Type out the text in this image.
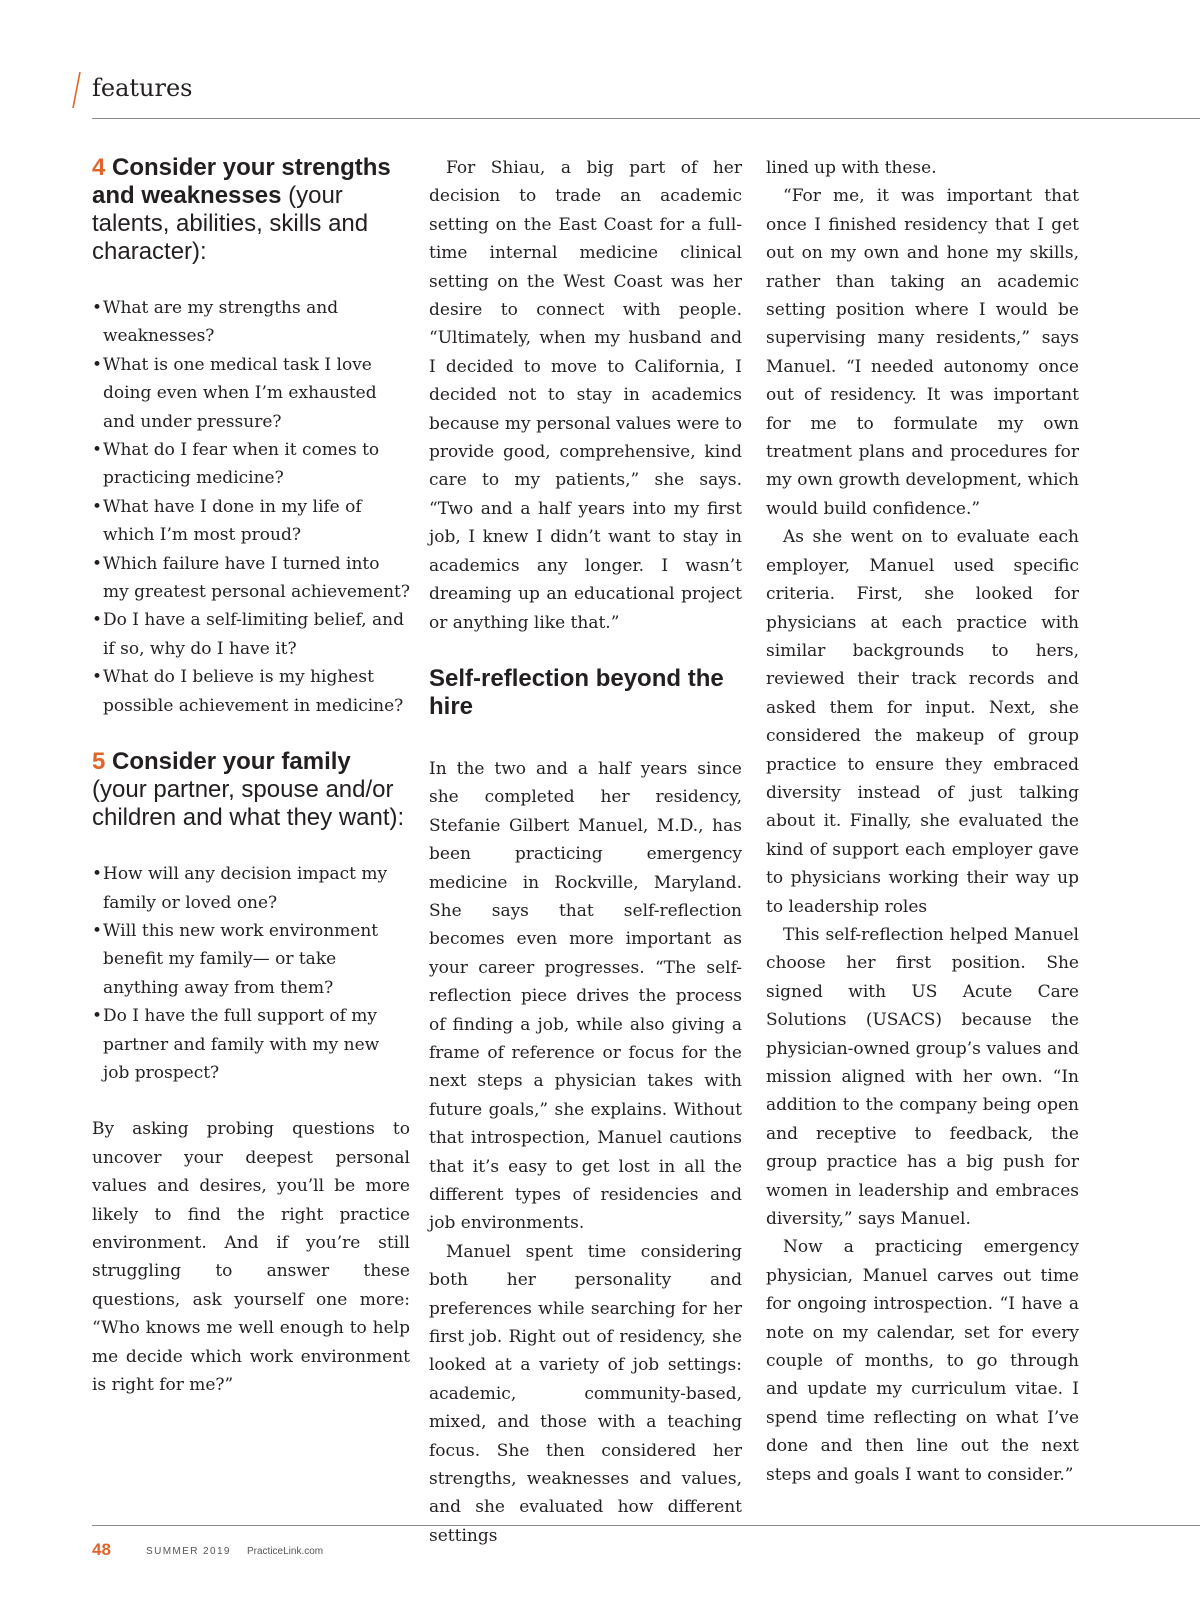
features
4 Consider your strengths and weaknesses (your talents, abilities, skills and character):
• What are my strengths and weaknesses?
• What is one medical task I love doing even when I’m exhausted and under pressure?
• What do I fear when it comes to practicing medicine?
• What have I done in my life of which I’m most proud?
• Which failure have I turned into my greatest personal achievement?
• Do I have a self-limiting belief, and if so, why do I have it?
• What do I believe is my highest possible achievement in medicine?
5 Consider your family (your partner, spouse and/or children and what they want):
• How will any decision impact my family or loved one?
• Will this new work environment benefit my family— or take anything away from them?
• Do I have the full support of my partner and family with my new job prospect?

By asking probing questions to uncover your deepest personal values and desires, you’ll be more likely to find the right practice environment. And if you’re still struggling to answer these questions, ask yourself one more: “Who knows me well enough to help me decide which work environment is right for me?”

For Shiau, a big part of her decision to trade an academic setting on the East Coast for a full-time internal medicine clinical setting on the West Coast was her desire to connect with people. “Ultimately, when my husband and I decided to move to California, I decided not to stay in academics because my personal values were to provide good, comprehensive, kind care to my patients,” she says. “Two and a half years into my first job, I knew I didn’t want to stay in academics any longer. I wasn’t dreaming up an educational project or anything like that.”

Self-reflection beyond the hire

In the two and a half years since she completed her residency, Stefanie Gilbert Manuel, M.D., has been practicing emergency medicine in Rockville, Maryland. She says that self-reflection becomes even more important as your career progresses. “The self-reflection piece drives the process of finding a job, while also giving a frame of reference or focus for the next steps a physician takes with future goals,” she explains. Without that introspection, Manuel cautions that it’s easy to get lost in all the different types of residencies and job environments.

Manuel spent time considering both her personality and preferences while searching for her first job. Right out of residency, she looked at a variety of job settings: academic, community-based, mixed, and those with a teaching focus. She then considered her strengths, weaknesses and values, and she evaluated how different settings

lined up with these.

“For me, it was important that once I finished residency that I get out on my own and hone my skills, rather than taking an academic setting position where I would be supervising many residents,” says Manuel. “I needed autonomy once out of residency. It was important for me to formulate my own treatment plans and procedures for my own growth development, which would build confidence.”

As she went on to evaluate each employer, Manuel used specific criteria. First, she looked for physicians at each practice with similar backgrounds to hers, reviewed their track records and asked them for input. Next, she considered the makeup of group practice to ensure they embraced diversity instead of just talking about it. Finally, she evaluated the kind of support each employer gave to physicians working their way up to leadership roles

This self-reflection helped Manuel choose her first position. She signed with US Acute Care Solutions (USACS) because the physician-owned group’s values and mission aligned with her own. “In addition to the company being open and receptive to feedback, the group practice has a big push for women in leadership and embraces diversity,” says Manuel.

Now a practicing emergency physician, Manuel carves out time for ongoing introspection. “I have a note on my calendar, set for every couple of months, to go through and update my curriculum vitae. I spend time reflecting on what I’ve done and then line out the next steps and goals I want to consider.”

48	SUMMER 2019 PracticeLink.com
